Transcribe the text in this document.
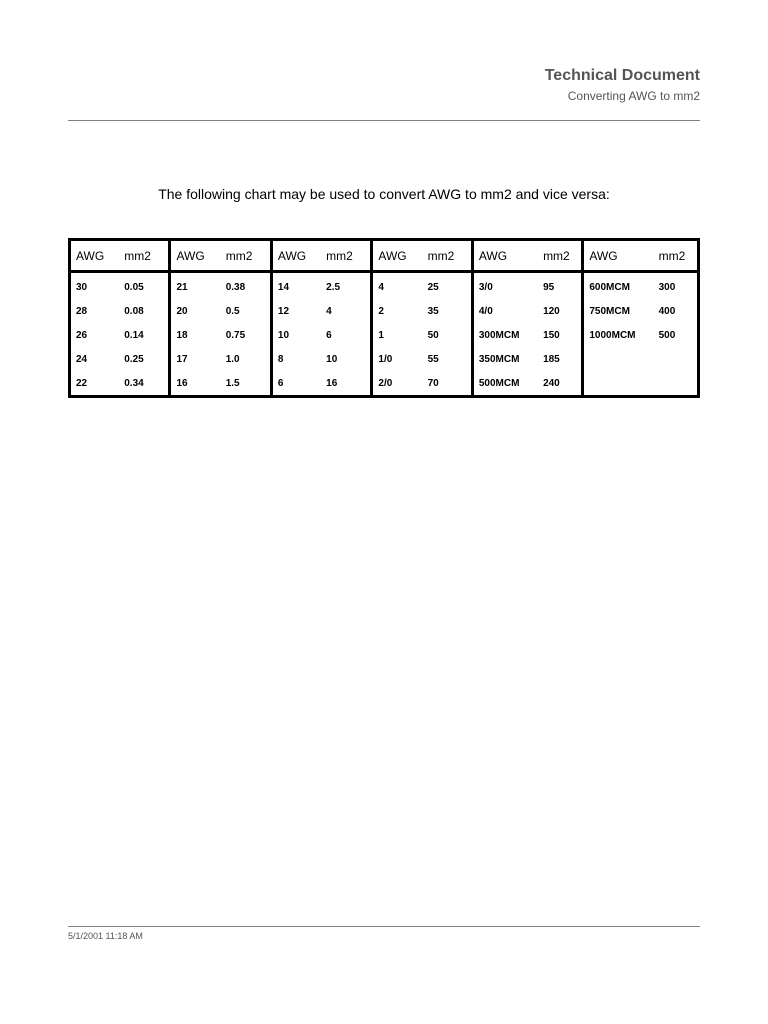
Technical Document
Converting AWG to mm2
The following chart may be used to convert AWG to mm2 and vice versa:
AWG	mm2	AWG	mm2	AWG	mm2	AWG	mm2	AWG	mm2	AWG	mm2
30	0.05	21	0.38	14	2.5	4	25	3/0	95	600MCM	300
28	0.08	20	0.5	12	4	2	35	4/0	120	750MCM	400
26	0.14	18	0.75	10	6	1	50	300MCM	150	1000MCM	500
24	0.25	17	1.0	8	10	1/0	55	350MCM	185		
22	0.34	16	1.5	6	16	2/0	70	500MCM	240		
5/1/2001 11:18 AM
